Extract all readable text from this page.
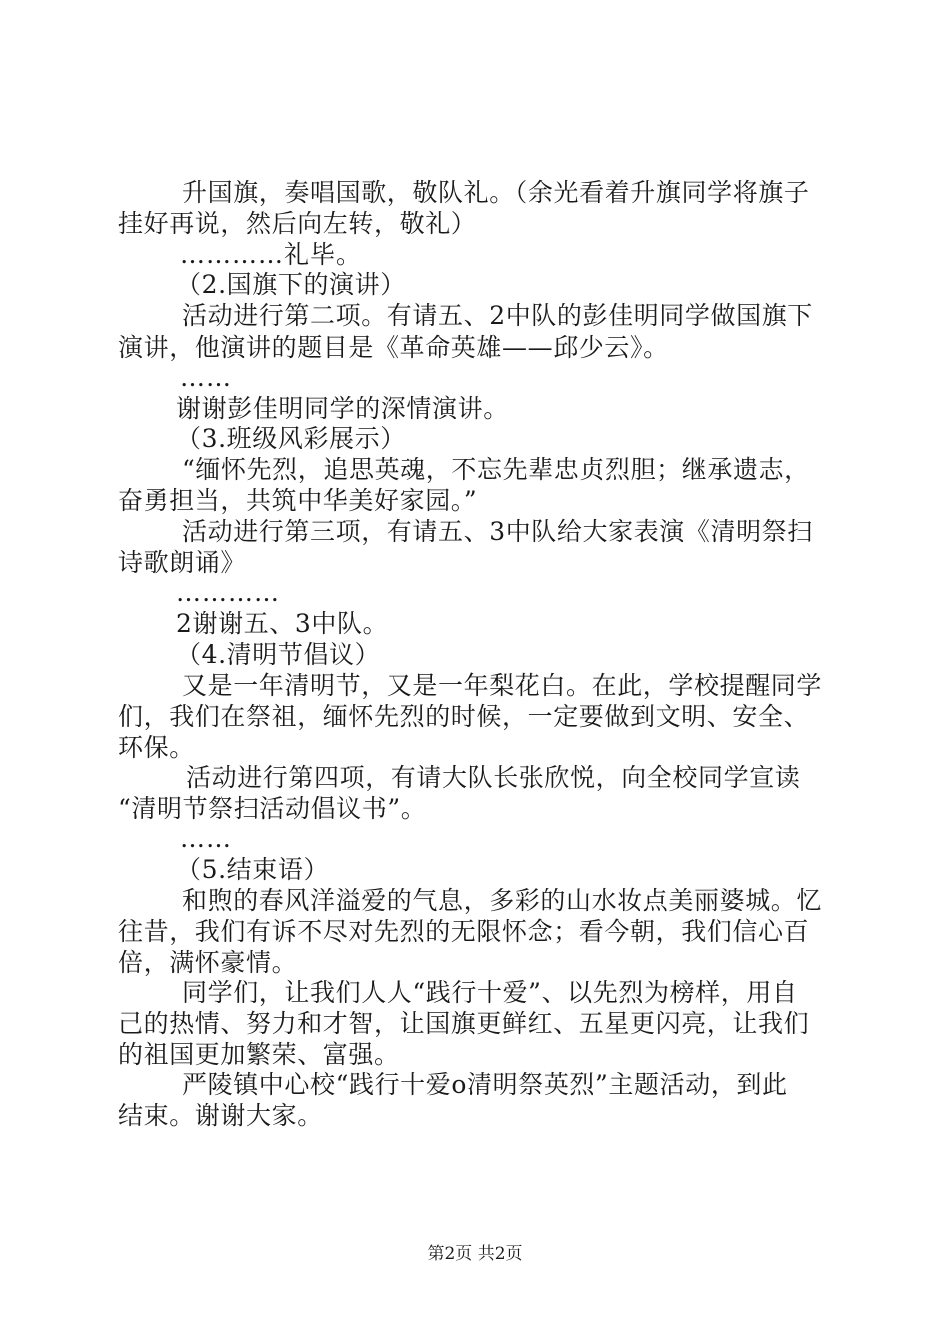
升国旗，奏唱国歌，敬队礼。（余光看着升旗同学将旗子
挂好再说，然后向左转，敬礼）
…………礼毕。
（2.国旗下的演讲）
活动进行第二项。有请五、2中队的彭佳明同学做国旗下
演讲，他演讲的题目是《革命英雄——邱少云》。
……
谢谢彭佳明同学的深情演讲。
（3.班级风彩展示）
“缅怀先烈，追思英魂，不忘先辈忠贞烈胆；继承遗志，
奋勇担当，共筑中华美好家园。”
活动进行第三项，有请五、3中队给大家表演《清明祭扫
诗歌朗诵》
…………
2谢谢五、3中队。
（4.清明节倡议）
又是一年清明节，又是一年梨花白。在此，学校提醒同学
们，我们在祭祖，缅怀先烈的时候，一定要做到文明、安全、
环保。
活动进行第四项，有请大队长张欣悦，向全校同学宣读
“清明节祭扫活动倡议书”。
……
（5.结束语）
和煦的春风洋溢爱的气息，多彩的山水妆点美丽婆城。忆
往昔，我们有诉不尽对先烈的无限怀念；看今朝，我们信心百
倍，满怀豪情。
同学们，让我们人人“践行十爱”、以先烈为榜样，用自
己的热情、努力和才智，让国旗更鲜红、五星更闪亮，让我们
的祖国更加繁荣、富强。
严陵镇中心校“践行十爱o清明祭英烈”主题活动，到此
结束。谢谢大家。
第2页 共2页
